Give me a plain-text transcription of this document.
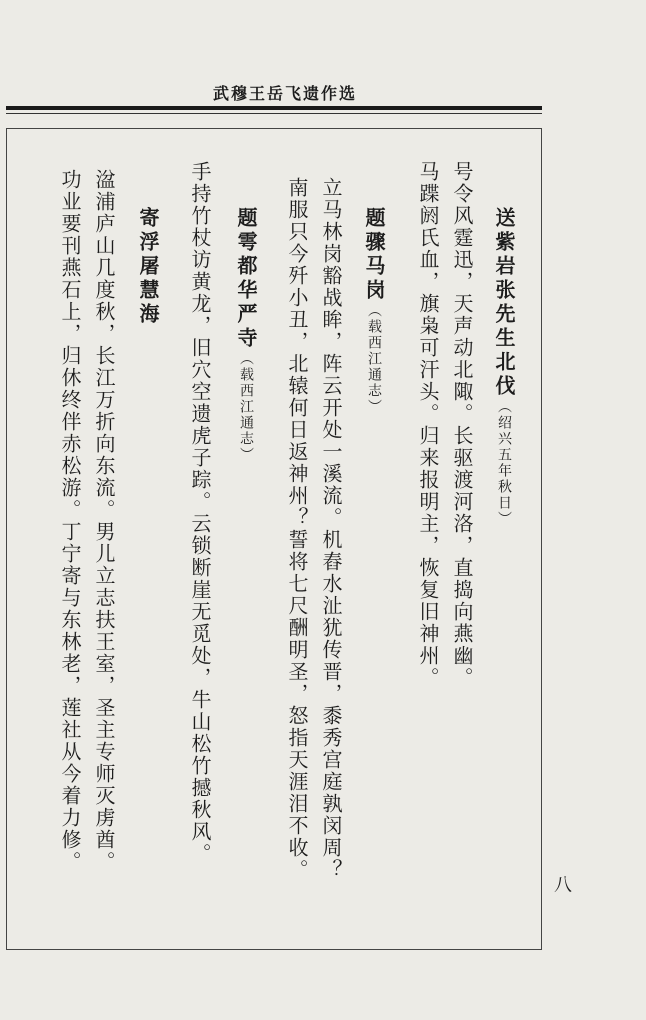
武穆王岳飞遗作选

送紫岩张先生北伐（绍兴五年秋日）
号令风霆迅，天声动北陬。长驱渡河洛，直捣向燕幽。
马蹀阏氏血，旗枭可汗头。归来报明主，恢复旧神州。
题骤马岗（载西江通志）
立马林岗豁战眸，阵云开处一溪流。机舂水沚犹传晋，黍秀宫庭孰闵周？
南服只今歼小丑，北辕何日返神州？誓将七尺酬明圣，怒指天涯泪不收。
题雩都华严寺（载西江通志）
手持竹杖访黄龙，旧穴空遗虎子踪。云锁断崖无觅处，牛山松竹撼秋风。
寄浮屠慧海
湓浦庐山几度秋，长江万折向东流。男儿立志扶王室，圣主专师灭虏酋。
功业要刊燕石上，归休终伴赤松游。丁宁寄与东林老，莲社从今着力修。
八
